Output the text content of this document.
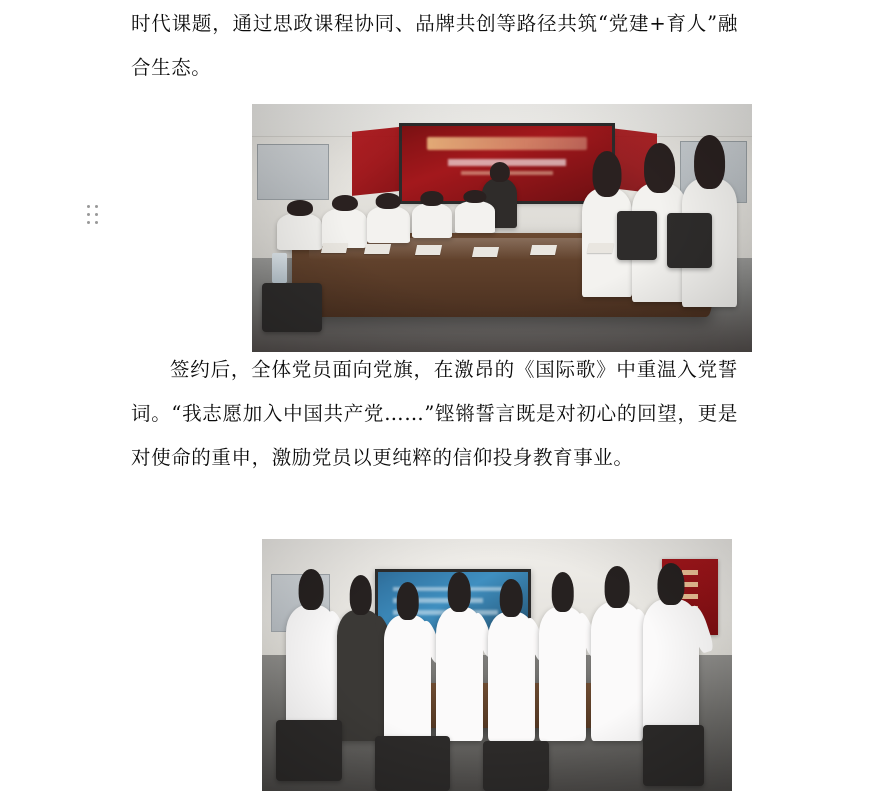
时代课题，通过思政课程协同、品牌共创等路径共筑“党建+育人”融合生态。

签约后，全体党员面向党旗，在激昂的《国际歌》中重温入党誓词。“我志愿加入中国共产党……”铿锵誓言既是对初心的回望，更是对使命的重申，激励党员以更纯粹的信仰投身教育事业。
